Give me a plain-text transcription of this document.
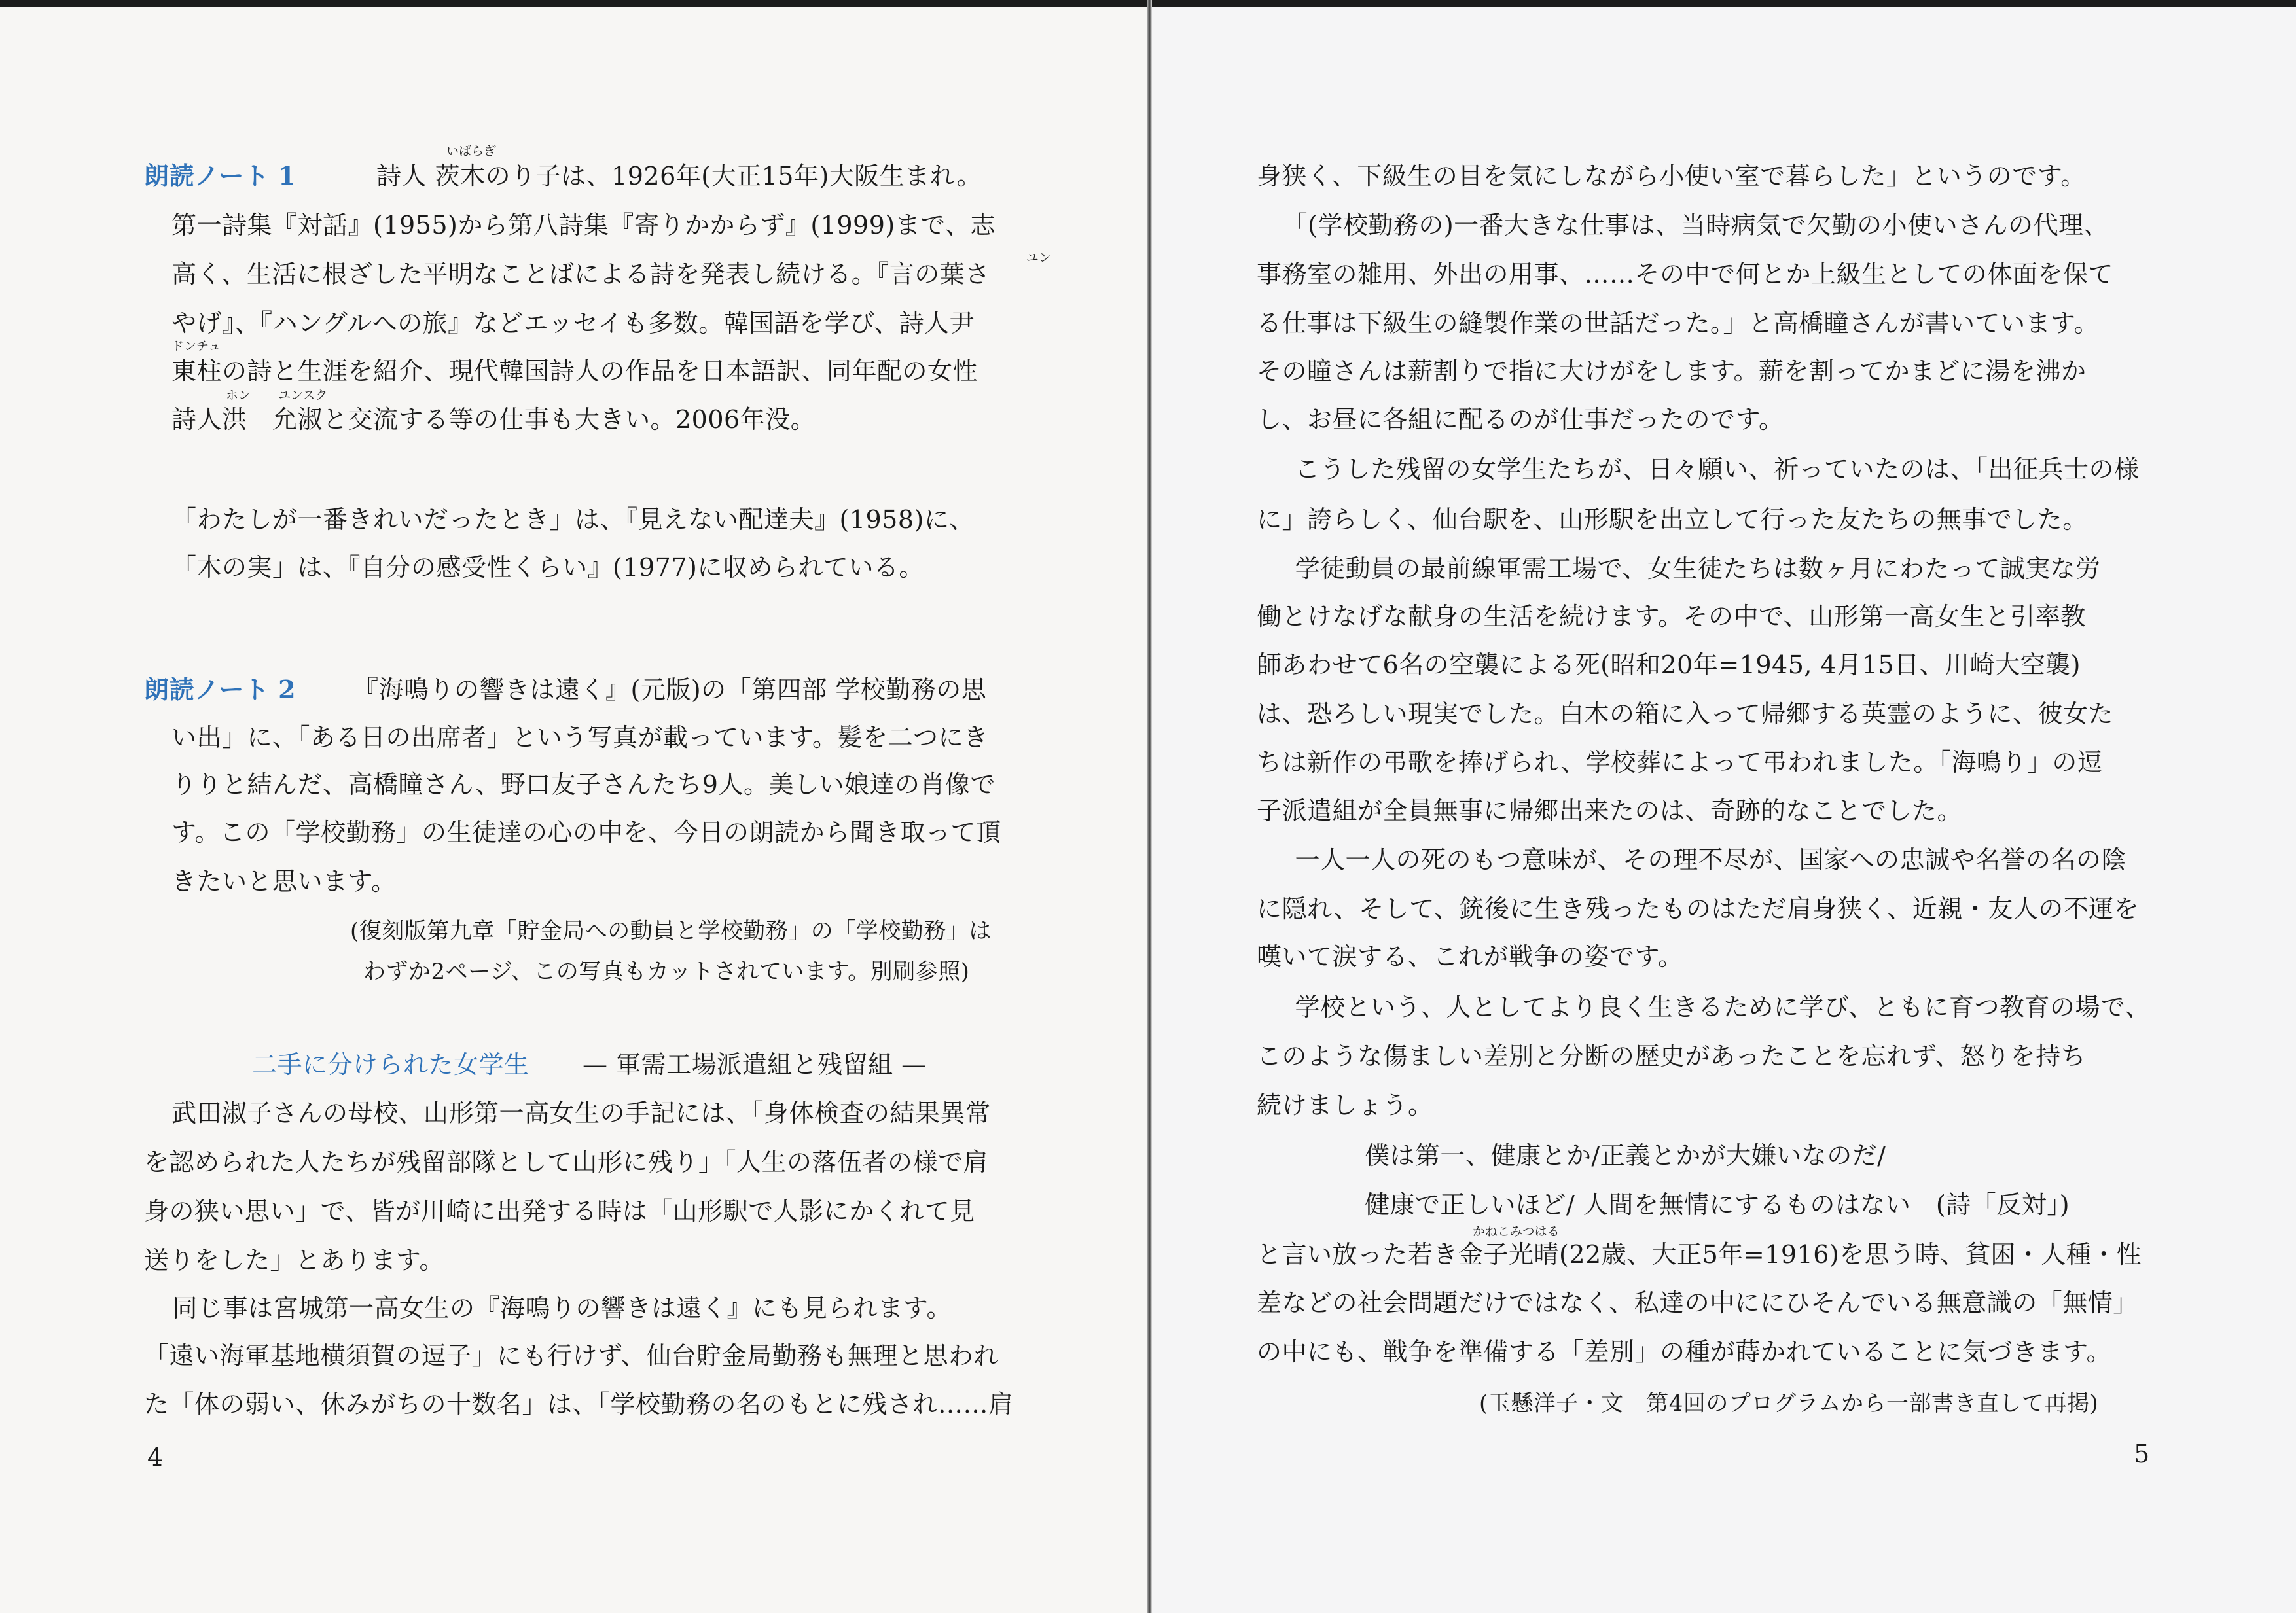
朗読ノート 1
いばらぎ
詩人 茨木のり子は、1926年(大正15年)大阪生まれ。
ユン
ドンチュ
ホン ユンスク
第一詩集『対話』(1955)から第八詩集『寄りかからず』(1999)まで、志
高く、生活に根ざした平明なことばによる詩を発表し続ける。『言の葉さ
やげ』、『ハングルへの旅』などエッセイも多数。韓国語を学び、詩人尹
東柱の詩と生涯を紹介、現代韓国詩人の作品を日本語訳、同年配の女性
詩人洪　允淑と交流する等の仕事も大きい。2006年没。
「わたしが一番きれいだったとき」は、『見えない配達夫』(1958)に、
「木の実」は、『自分の感受性くらい』(1977)に収められている。
朗読ノート 2 『海鳴りの響きは遠く』(元版)の「第四部 学校勤務の思
い出」に、「ある日の出席者」という写真が載っています。髪を二つにき
りりと結んだ、高橋瞳さん、野口友子さんたち9人。美しい娘達の肖像で
す。この「学校勤務」の生徒達の心の中を、今日の朗読から聞き取って頂
きたいと思います。
(復刻版第九章「貯金局への動員と学校勤務」の「学校勤務」は
わずか2ページ、この写真もカットされています。別刷参照)
二手に分けられた女学生 — 軍需工場派遣組と残留組 —
武田淑子さんの母校、山形第一高女生の手記には、「身体検査の結果異常
を認められた人たちが残留部隊として山形に残り」「人生の落伍者の様で肩
身の狭い思い」で、皆が川崎に出発する時は「山形駅で人影にかくれて見
送りをした」とあります。
　同じ事は宮城第一高女生の『海鳴りの響きは遠く』にも見られます。
「遠い海軍基地横須賀の逗子」にも行けず、仙台貯金局勤務も無理と思われ
た「体の弱い、休みがちの十数名」は、「学校勤務の名のもとに残され……肩
4
身狭く、下級生の目を気にしながら小使い室で暮らした」というのです。
　「(学校勤務の)一番大きな仕事は、当時病気で欠勤の小使いさんの代理、
事務室の雑用、外出の用事、……その中で何とか上級生としての体面を保て
る仕事は下級生の縫製作業の世話だった。」と高橋瞳さんが書いています。
その瞳さんは薪割りで指に大けがをします。薪を割ってかまどに湯を沸か
し、お昼に各組に配るのが仕事だったのです。
　こうした残留の女学生たちが、日々願い、祈っていたのは、「出征兵士の様
に」誇らしく、仙台駅を、山形駅を出立して行った友たちの無事でした。
　学徒動員の最前線軍需工場で、女生徒たちは数ヶ月にわたって誠実な労
働とけなげな献身の生活を続けます。その中で、山形第一高女生と引率教
師あわせて6名の空襲による死(昭和20年=1945, 4月15日、川崎大空襲)
は、恐ろしい現実でした。白木の箱に入って帰郷する英霊のように、彼女た
ちは新作の弔歌を捧げられ、学校葬によって弔われました。「海鳴り」の逗
子派遣組が全員無事に帰郷出来たのは、奇跡的なことでした。
　一人一人の死のもつ意味が、その理不尽が、国家への忠誠や名誉の名の陰
に隠れ、そして、銃後に生き残ったものはただ肩身狭く、近親・友人の不運を
嘆いて涙する、これが戦争の姿です。
　学校という、人としてより良く生きるために学び、ともに育つ教育の場で、
このような傷ましい差別と分断の歴史があったことを忘れず、怒りを持ち
続けましょう。
僕は第一、健康とか/正義とかが大嫌いなのだ/
健康で正しいほど/ 人間を無情にするものはない　(詩「反対」)
かねこみつはる
と言い放った若き金子光晴(22歳、大正5年=1916)を思う時、貧困・人種・性
差などの社会問題だけではなく、私達の中ににひそんでいる無意識の「無情」
の中にも、戦争を準備する「差別」の種が蒔かれていることに気づきます。
(玉懸洋子・文　第4回のプログラムから一部書き直して再掲)
5
